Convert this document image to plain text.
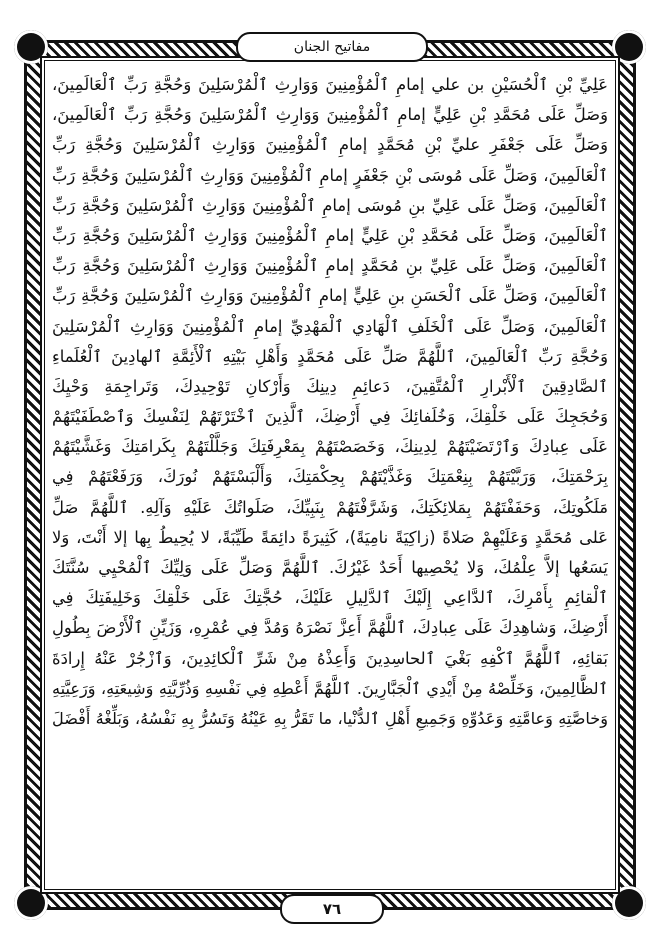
مفاتيح الجنان
عَلِيِّ بْنِ ٱلْحُسَيْنِ بن علي إمامِ ٱلْمُؤْمِنِينَ وَوَارِثِ ٱلْمُرْسَلِينَ وَحُجَّةِ رَبِّ ٱلْعَالَمِينَ،
وَصَلِّ عَلَى مُحَمَّدِ بْنِ عَلِيٍّ إمامِ ٱلْمُؤْمِنِينَ وَوَارِثِ ٱلْمُرْسَلِينَ وَحُجَّةِ رَبِّ ٱلْعَالَمِينَ،
وَصَلِّ عَلَى جَعْفَرِ عليِّ بْنِ مُحَمَّدٍ إمامِ ٱلْمُؤْمِنِينَ وَوَارِثِ ٱلْمُرْسَلِينَ وَحُجَّةِ رَبِّ
ٱلْعَالَمِينَ، وَصَلِّ عَلَى مُوسَى بْنِ جَعْفَرٍ إمامِ ٱلْمُؤْمِنِينَ وَوَارِثِ ٱلْمُرْسَلِينَ وَحُجَّةِ رَبِّ
ٱلْعَالَمِينَ، وَصَلِّ عَلَى عَلِيِّ بنِ مُوسَى إمامِ ٱلْمُؤْمِنِينَ وَوَارِثِ ٱلْمُرْسَلِينَ وَحُجَّةِ رَبِّ
ٱلْعَالَمِينَ، وَصَلِّ عَلَى مُحَمَّدِ بْنِ عَلِيٍّ إمامِ ٱلْمُؤْمِنِينَ وَوَارِثِ ٱلْمُرْسَلِينَ وَحُجَّةِ رَبِّ
ٱلْعَالَمِينَ، وَصَلِّ عَلَى عَلِيِّ بنِ مُحَمَّدٍ إمامِ ٱلْمُؤْمِنِينَ وَوَارِثِ ٱلْمُرْسَلِينَ وَحُجَّةِ رَبِّ
ٱلْعَالَمِينَ، وَصَلِّ عَلَى ٱلْحَسَنِ بنِ عَلِيٍّ إمامِ ٱلْمُؤْمِنِينَ وَوَارِثِ ٱلْمُرْسَلِينَ وَحُجَّةِ رَبِّ
ٱلْعَالَمِينَ، وَصَلِّ عَلَى ٱلْخَلَفِ ٱلْهَادِي ٱلْمَهْدِيِّ إمامِ ٱلْمُؤْمِنِينَ وَوَارِثِ ٱلْمُرْسَلِينَ
وَحُجَّةِ رَبِّ ٱلْعَالَمِينَ، ٱللَّهُمَّ صَلِّ عَلَى مُحَمَّدٍ وَأَهْلِ بَيْتِهِ ٱلْأَئِمَّةِ ٱلهادِينَ ٱلْعُلَماءِ
ٱلصَّادِقِينَ ٱلْأَبْرارِ ٱلْمُتَّقِينَ، دَعائِمِ دِينِكَ وَأَرْكانِ تَوْحِيدِكَ، وَتَراجِمَةِ وَحْيِكَ
وَحُجَجِكَ عَلَى خَلْقِكَ، وَخُلَفائِكَ فِي أَرْضِكَ، ٱلَّذِينَ ٱخْتَرْتَهُمْ لِنَفْسِكَ وَٱصْطَفَيْتَهُمْ
عَلَى عِبادِكَ وَٱرْتَضَيْتَهُمْ لِدِينِكَ، وَخَصَصْتَهُمْ بِمَعْرِفَتِكَ وَجَلَّلْتَهُمْ بِكَرامَتِكَ وَغَشَّيْتَهُمْ
بِرَحْمَتِكَ، وَرَبَّيْتَهُمْ بِنِعْمَتِكَ وَغَذَّيْتَهُمْ بِحِكْمَتِكَ، وَأَلْبَسْتَهُمْ نُورَكَ، وَرَفَعْتَهُمْ فِي
مَلَكُوتِكَ، وَحَفَفْتَهُمْ بِمَلائِكَتِكَ، وَشَرَّفْتَهُمْ بِنَبِيِّكَ، صَلَواتُكَ عَلَيْهِ وَآلِهِ. ٱللَّهُمَّ صَلِّ
عَلى مُحَمَّدٍ وَعَلَيْهِمْ صَلاةً (زاكِيَةً نامِيَةً)، كَثِيرَةً دائِمَةً طَيِّبَةً، لا يُحِيطُ بِها إلا أَنْتَ، وَلا
يَسَعُها إلاَّ عِلْمُكَ، وَلا يُحْصِيها أَحَدٌ غَيْرُكَ. ٱللَّهُمَّ وَصَلِّ عَلَى وَلِيِّكَ ٱلْمُحْيِي سُنَّتَكَ
ٱلْقائِمِ بِأَمْرِكَ، ٱلدَّاعِي إِلَيْكَ ٱلدَّلِيلِ عَلَيْكَ، حُجَّتِكَ عَلَى خَلْقِكَ وَخَلِيفَتِكَ فِي
أَرْضِكَ، وَشاهِدِكَ عَلَى عِبادِكَ، ٱللَّهُمَّ أَعِزَّ نَصْرَهُ وَمُدَّ فِي عُمْرِهِ، وَزَيِّنِ ٱلْأَرْضَ بِطُولِ
بَقائِهِ، ٱللَّهُمَّ ٱكْفِهِ بَغْيَ ٱلحاسِدِينَ وَأَعِذْهُ مِنْ شَرِّ ٱلْكائِدِينَ، وَٱزْجُرْ عَنْهُ إِرادَةَ
ٱلظَّالِمِينَ، وَخَلِّصْهُ مِنْ أَيْدِي ٱلْجَبَّارِينَ. ٱللَّهُمَّ أَعْطِهِ فِي نَفْسِهِ وَذُرِّيَّتِهِ وَشِيعَتِهِ، وَرَعِيَّتِهِ
وَخاصَّتِهِ وَعامَّتِهِ وَعَدُوِّهِ وَجَمِيعِ أَهْلِ ٱلدُّنْيا، ما تَقَرُّ بِهِ عَيْنُهُ وَتَسُرُّ بِهِ نَفْسُهُ، وَبَلِّغْهُ أَفْضَلَ
٧٦
